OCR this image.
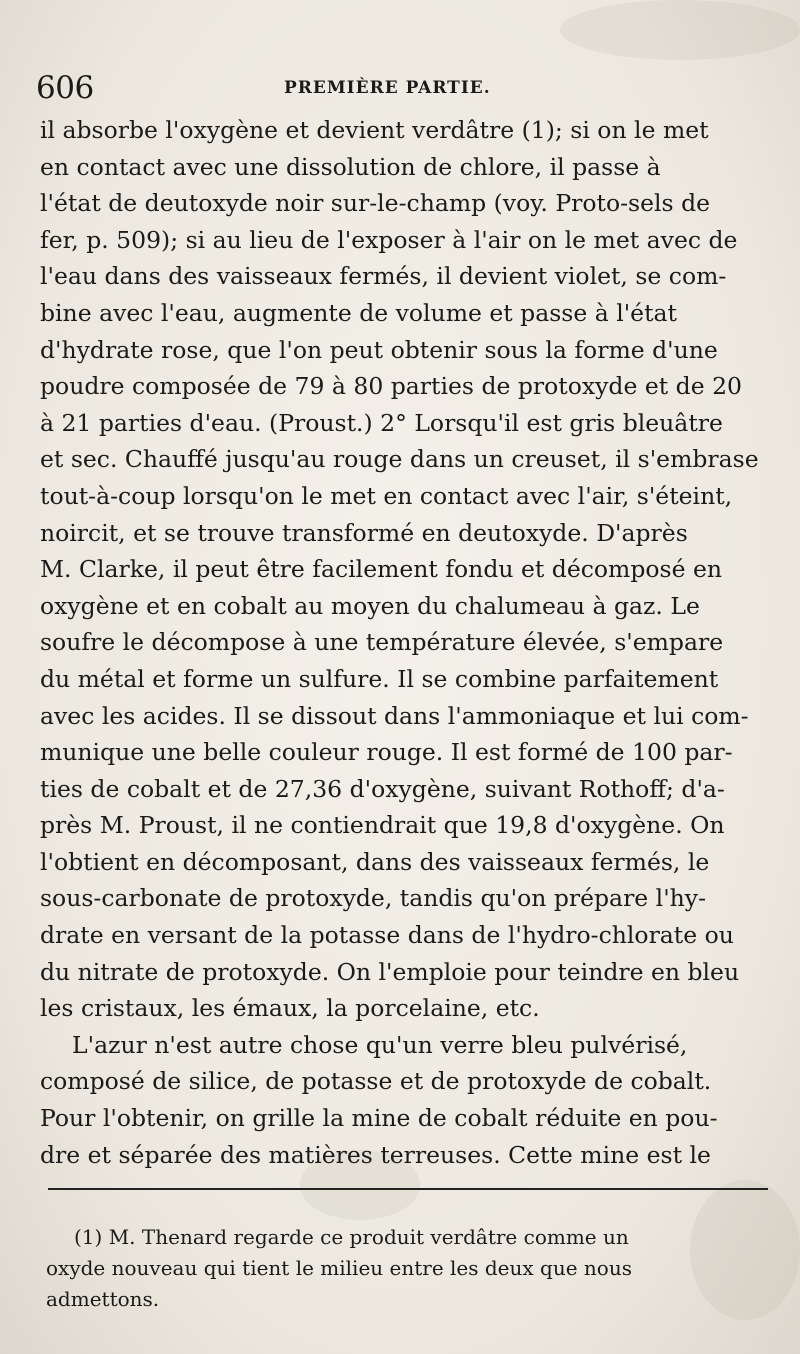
606	PREMIÈRE PARTIE.
il absorbe l'oxygène et devient verdâtre (1); si on le met
en contact avec une dissolution de chlore, il passe à
l'état de deutoxyde noir sur-le-champ (voy. Proto-sels de
fer, p. 509); si au lieu de l'exposer à l'air on le met avec de
l'eau dans des vaisseaux fermés, il devient violet, se com-
bine avec l'eau, augmente de volume et passe à l'état
d'hydrate rose, que l'on peut obtenir sous la forme d'une
poudre composée de 79 à 80 parties de protoxyde et de 20
à 21 parties d'eau. (Proust.) 2° Lorsqu'il est gris bleuâtre
et sec. Chauffé jusqu'au rouge dans un creuset, il s'embrase
tout-à-coup lorsqu'on le met en contact avec l'air, s'éteint,
noircit, et se trouve transformé en deutoxyde. D'après
M. Clarke, il peut être facilement fondu et décomposé en
oxygène et en cobalt au moyen du chalumeau à gaz. Le
soufre le décompose à une température élevée, s'empare
du métal et forme un sulfure. Il se combine parfaitement
avec les acides. Il se dissout dans l'ammoniaque et lui com-
munique une belle couleur rouge. Il est formé de 100 par-
ties de cobalt et de 27,36 d'oxygène, suivant Rothoff; d'a-
près M. Proust, il ne contiendrait que 19,8 d'oxygène. On
l'obtient en décomposant, dans des vaisseaux fermés, le
sous-carbonate de protoxyde, tandis qu'on prépare l'hy-
drate en versant de la potasse dans de l'hydro-chlorate ou
du nitrate de protoxyde. On l'emploie pour teindre en bleu
les cristaux, les émaux, la porcelaine, etc.
L'azur n'est autre chose qu'un verre bleu pulvérisé,
composé de silice, de potasse et de protoxyde de cobalt.
Pour l'obtenir, on grille la mine de cobalt réduite en pou-
dre et séparée des matières terreuses. Cette mine est le
(1) M. Thenard regarde ce produit verdâtre comme un
oxyde nouveau qui tient le milieu entre les deux que nous
admettons.
